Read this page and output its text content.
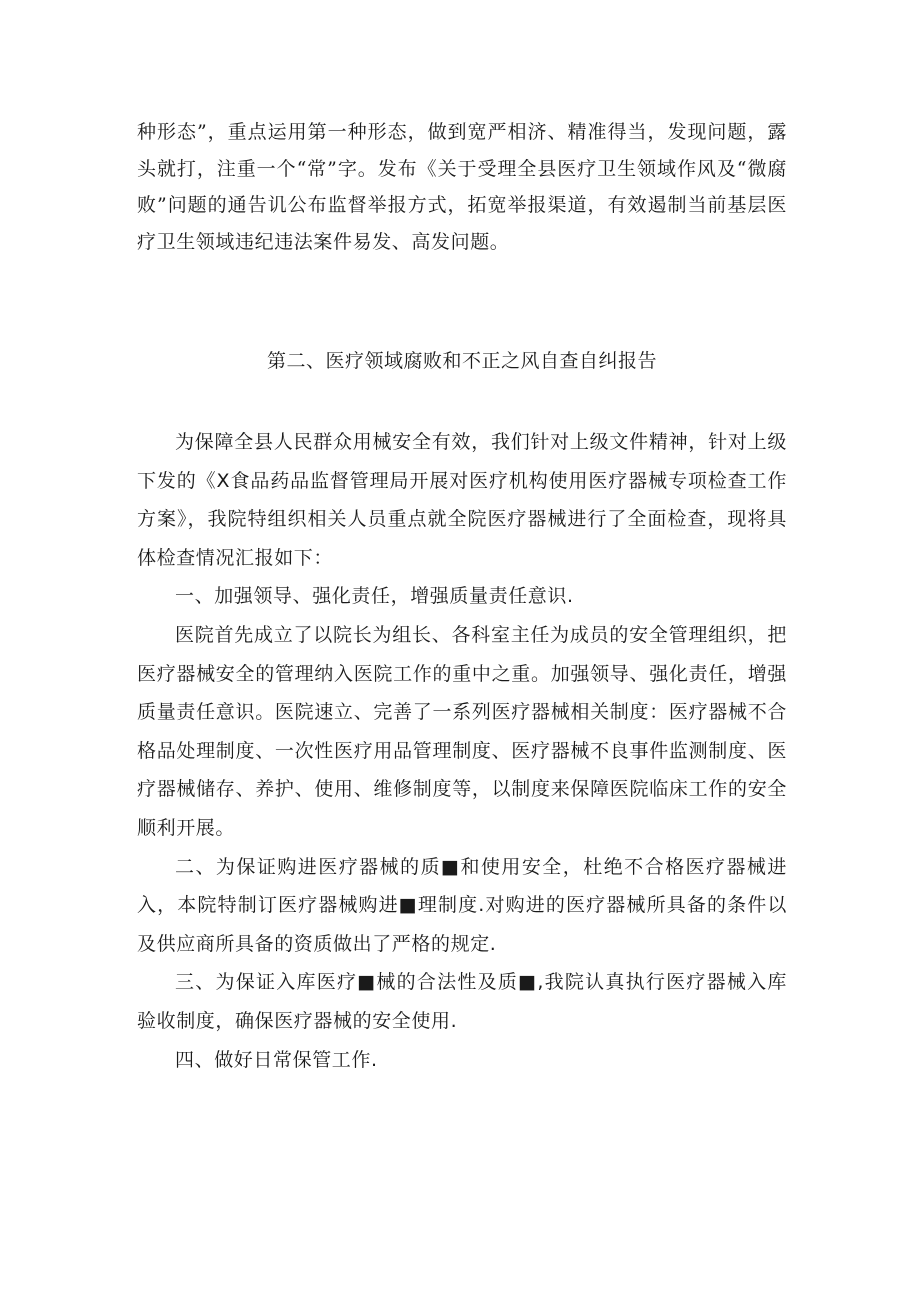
种形态”，重点运用第一种形态，做到宽严相济、精准得当，发现问题，露头就打，注重一个“常”字。发布《关于受理全县医疗卫生领域作风及“微腐败”问题的通告讥公布监督举报方式，拓宽举报渠道，有效遏制当前基层医疗卫生领域违纪违法案件易发、高发问题。

第二、医疗领域腐败和不正之风自查自纠报告

为保障全县人民群众用械安全有效，我们针对上级文件精神，针对上级下发的《X食品药品监督管理局开展对医疗机构使用医疗器械专项检查工作方案》，我院特组织相关人员重点就全院医疗器械进行了全面检查，现将具体检查情况汇报如下：

一、加强领导、强化责任，增强质量责任意识.

医院首先成立了以院长为组长、各科室主任为成员的安全管理组织，把医疗器械安全的管理纳入医院工作的重中之重。加强领导、强化责任，增强质量责任意识。医院速立、完善了一系列医疗器械相关制度：医疗器械不合格品处理制度、一次性医疗用品管理制度、医疗器械不良事件监测制度、医疗器械储存、养护、使用、维修制度等，以制度来保障医院临床工作的安全顺利开展。

二、为保证购进医疗器械的质■和使用安全，杜绝不合格医疗器械进入，本院特制订医疗器械购进■理制度.对购进的医疗器械所具备的条件以及供应商所具备的资质做出了严格的规定.

三、为保证入库医疗■械的合法性及质■,我院认真执行医疗器械入库验收制度，确保医疗器械的安全使用.

四、做好日常保管工作.
